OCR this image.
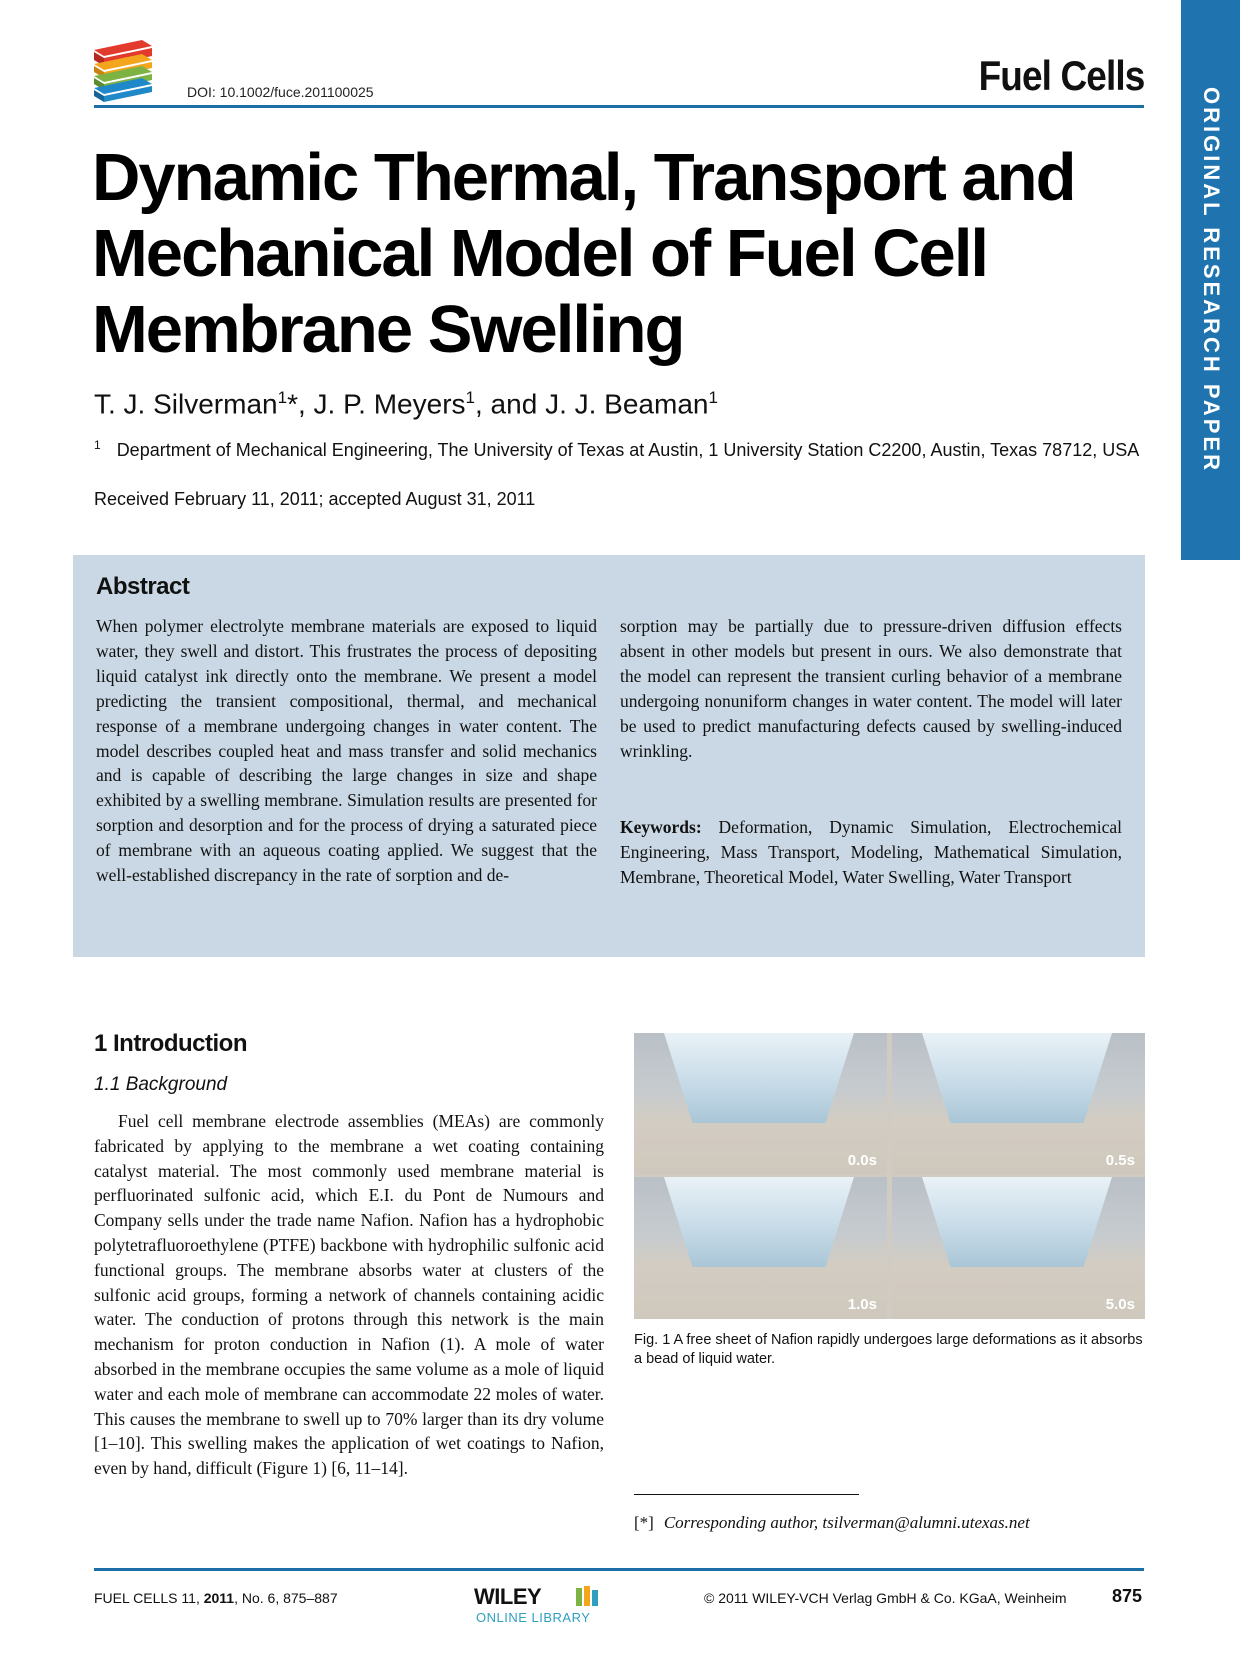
DOI: 10.1002/fuce.201100025	Fuel Cells
ORIGINAL RESEARCH PAPER
Dynamic Thermal, Transport and Mechanical Model of Fuel Cell Membrane Swelling
T. J. Silverman$^1$*, J. P. Meyers$^1$, and J. J. Beaman$^1$
$^1$ Department of Mechanical Engineering, The University of Texas at Austin, 1 University Station C2200, Austin, Texas 78712, USA
Received February 11, 2011; accepted August 31, 2011
Abstract
When polymer electrolyte membrane materials are exposed to liquid water, they swell and distort. This frustrates the process of depositing liquid catalyst ink directly onto the membrane. We present a model predicting the transient compositional, thermal, and mechanical response of a membrane undergoing changes in water content. The model describes coupled heat and mass transfer and solid mechanics and is capable of describing the large changes in size and shape exhibited by a swelling membrane. Simulation results are presented for sorption and desorption and for the process of drying a saturated piece of membrane with an aqueous coating applied. We suggest that the well-established discrepancy in the rate of sorption and de-
sorption may be partially due to pressure-driven diffusion effects absent in other models but present in ours. We also demonstrate that the model can represent the transient curling behavior of a membrane undergoing nonuniform changes in water content. The model will later be used to predict manufacturing defects caused by swelling-induced wrinkling.
Keywords: Deformation, Dynamic Simulation, Electrochemical Engineering, Mass Transport, Modeling, Mathematical Simulation, Membrane, Theoretical Model, Water Swelling, Water Transport
1 Introduction
1.1 Background
Fuel cell membrane electrode assemblies (MEAs) are commonly fabricated by applying to the membrane a wet coating containing catalyst material. The most commonly used membrane material is perfluorinated sulfonic acid, which E.I. du Pont de Numours and Company sells under the trade name Nafion. Nafion has a hydrophobic polytetrafluoroethylene (PTFE) backbone with hydrophilic sulfonic acid functional groups. The membrane absorbs water at clusters of the sulfonic acid groups, forming a network of channels containing acidic water. The conduction of protons through this network is the main mechanism for proton conduction in Nafion (1). A mole of water absorbed in the membrane occupies the same volume as a mole of liquid water and each mole of membrane can accommodate 22 moles of water. This causes the membrane to swell up to 70% larger than its dry volume [1–10]. This swelling makes the application of wet coatings to Nafion, even by hand, difficult (Figure 1) [6, 11–14].
0.0s	0.5s
1.0s	5.0s
Fig. 1 A free sheet of Nafion rapidly undergoes large deformations as it absorbs a bead of liquid water.
[*] Corresponding author, tsilverman@alumni.utexas.net
FUEL CELLS 11, 2011, No. 6, 875–887	WILEY
ONLINE LIBRARY
© 2011 WILEY-VCH Verlag GmbH & Co. KGaA, Weinheim	875
